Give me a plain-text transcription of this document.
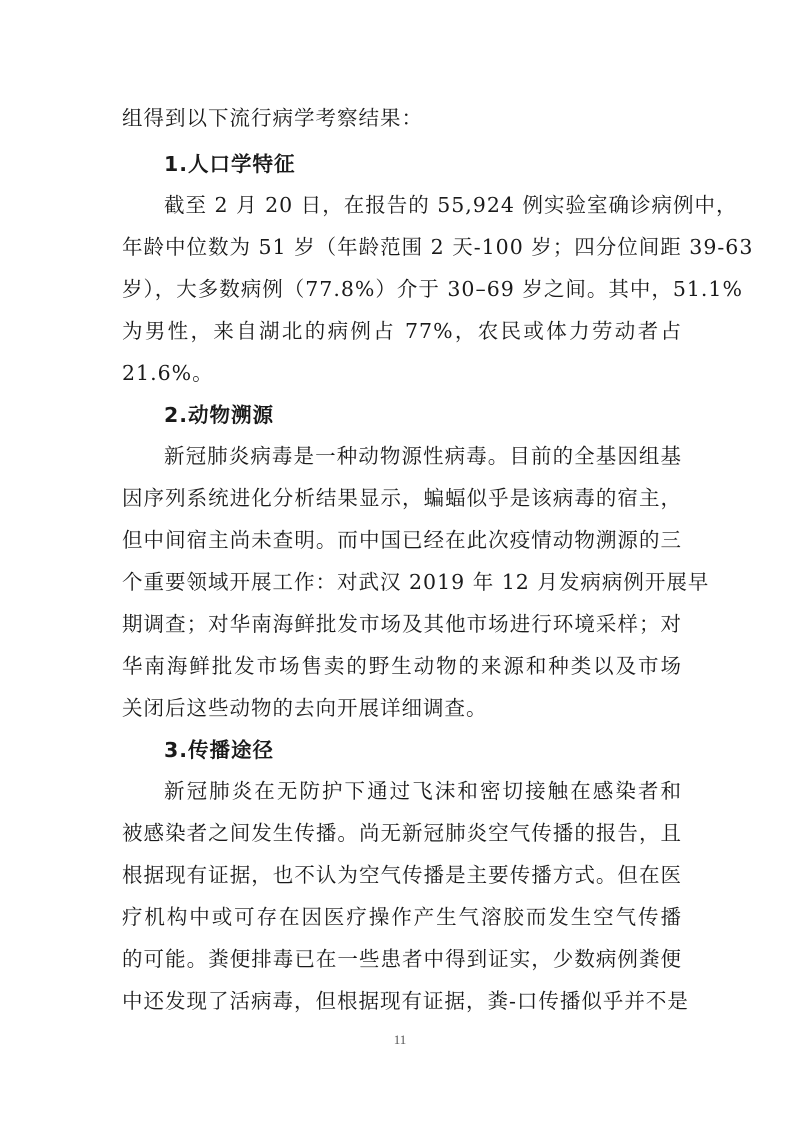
组得到以下流行病学考察结果：
1.人口学特征
截至 2 月 20 日，在报告的 55,924 例实验室确诊病例中，
年龄中位数为 51 岁（年龄范围 2 天-100 岁；四分位间距 39-63
岁），大多数病例（77.8%）介于 30–69 岁之间。其中，51.1%
为男性，来自湖北的病例占 77%，农民或体力劳动者占
21.6%。
2.动物溯源
新冠肺炎病毒是一种动物源性病毒。目前的全基因组基
因序列系统进化分析结果显示，蝙蝠似乎是该病毒的宿主，
但中间宿主尚未查明。而中国已经在此次疫情动物溯源的三
个重要领域开展工作：对武汉 2019 年 12 月发病病例开展早
期调查；对华南海鲜批发市场及其他市场进行环境采样；对
华南海鲜批发市场售卖的野生动物的来源和种类以及市场
关闭后这些动物的去向开展详细调查。
3.传播途径
新冠肺炎在无防护下通过飞沫和密切接触在感染者和
被感染者之间发生传播。尚无新冠肺炎空气传播的报告，且
根据现有证据，也不认为空气传播是主要传播方式。但在医
疗机构中或可存在因医疗操作产生气溶胶而发生空气传播
的可能。粪便排毒已在一些患者中得到证实，少数病例粪便
中还发现了活病毒，但根据现有证据，粪-口传播似乎并不是
11
